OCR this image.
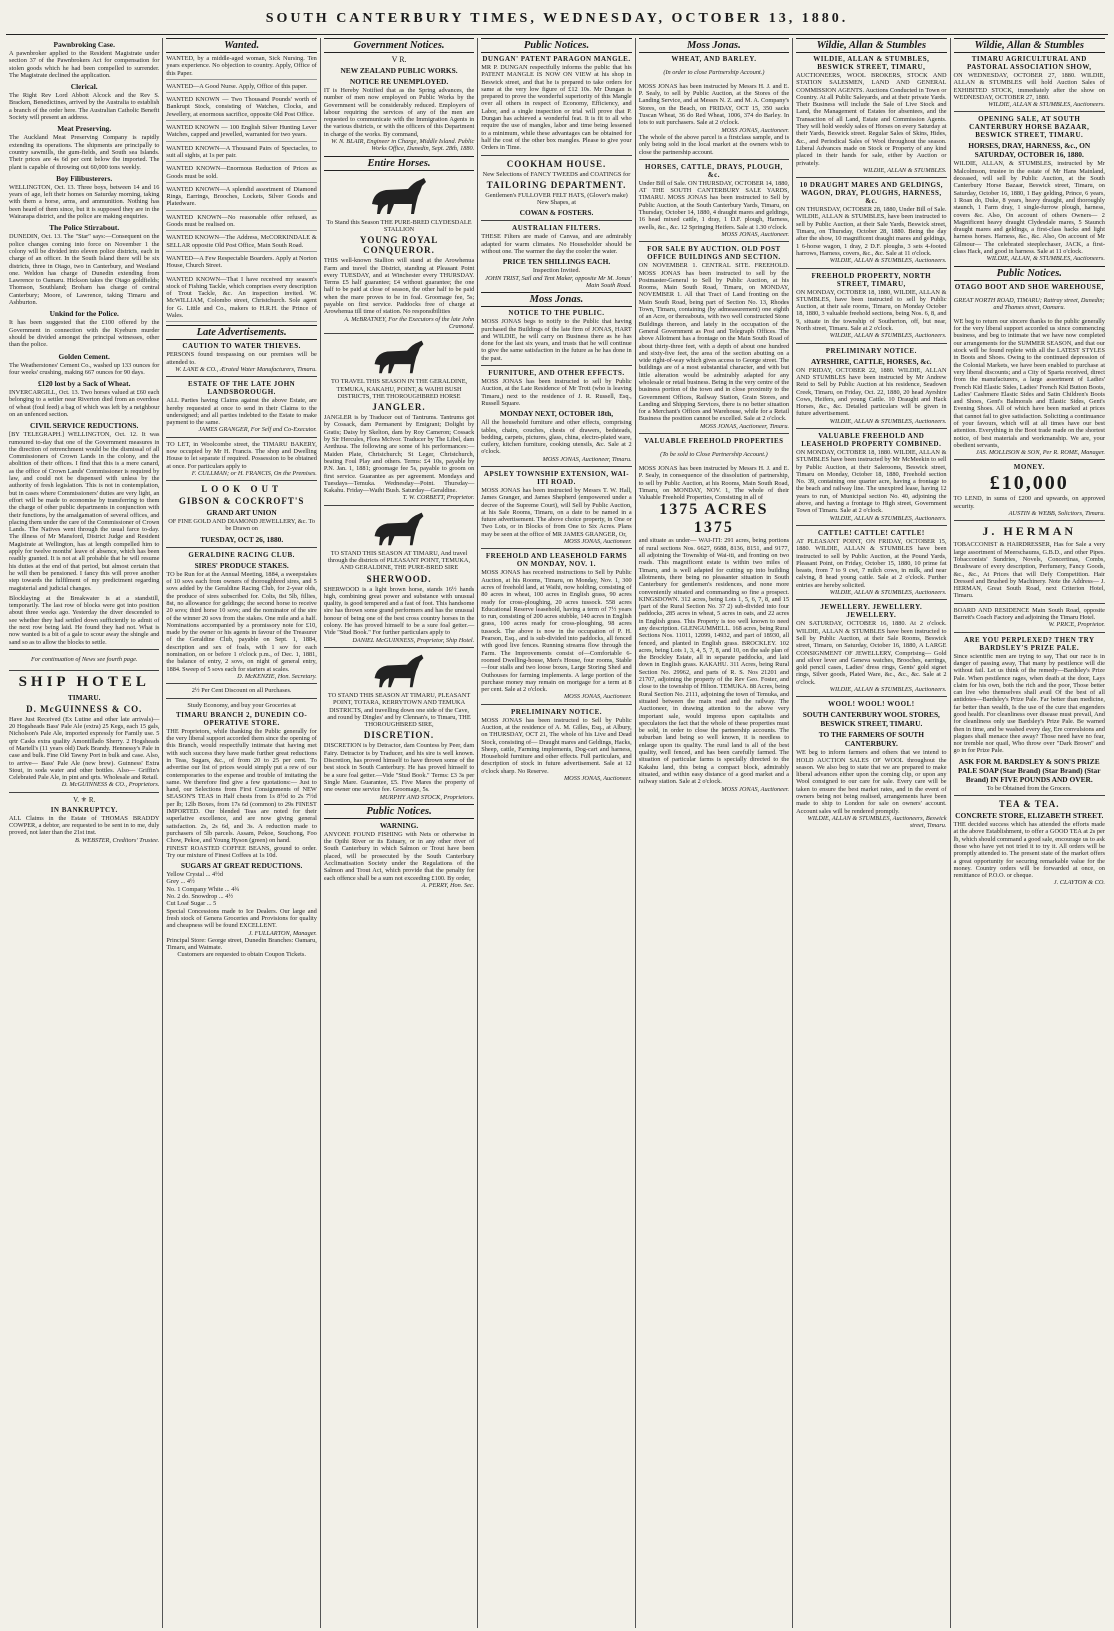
SOUTH CANTERBURY TIMES, WEDNESDAY, OCTOBER 13, 1880.
Pawnbroking Case.

A pawnbroker applied to the Resident Magistrate under section 37 of the Pawnbrokers Act for compensation for stolen goods which he had been compelled to surrender. The Magistrate declined the application.

Clerical.

The Right Rev Lord Abbott Alcock and the Rev S. Bracken, Benedictines, arrived by the Australia to establish a branch of the order here. The Australian Catholic Benefit Society will present an address.

Meat Preserving.

The Auckland Meat Preserving Company is rapidly extending its operations. The shipments are principally to country sawmills, the gum-fields, and South sea Islands. Their prices are 4s 6d per cent below the imported. The plant is capable of throwing out 60,000 tons weekly.

Boy Filibusterers.

WELLINGTON, Oct. 13. Three boys, between 14 and 16 years of age, left their homes on Saturday morning, taking with them a horse, arms, and ammunition. Nothing has been heard of them since, but it is supposed they are in the Wairarapa district, and the police are making enquiries.

The Police Stirrabout.

DUNEDIN, Oct. 13. The "Star" says:—Consequent on the police changes coming into force on November 1 the colony will be divided into eleven police districts, each in charge of an officer. In the South Island there will be six districts, three in Otago, two in Canterbury, and Westland one. Weldon has charge of Dunedin extending from Lawrence to Oamaru. Hickson takes the Otago goldfields; Thomson, Southland; Broham has charge of central Canterbury; Moore, of Lawrence, taking Timaru and Ashburton.

Unkind for the Police.

It has been suggested that the £100 offered by the Government in connection with the Kyeburn murder should be divided amongst the principal witnesses, other than the police.

Golden Cement.

The Weatherstones' Cement Co., washed up 133 ounces for four weeks' crushing, making 667 ounces for 90 days.

£120 lost by a Sack of Wheat.

INVERCARGILL, Oct. 13. Two horses valued at £60 each belonging to a settler near Riverton died from an overdose of wheat (foul feed) a bag of which was left by a neighbour on an unfenced section.

CIVIL SERVICE REDUCTIONS.

[BY TELEGRAPH.] WELLINGTON, Oct. 12. It was rumoured to-day that one of the Government measures in the direction of retrenchment would be the dismissal of all Commissioners of Crown Lands in the colony, and the abolition of their offices. I find that this is a mere canard, as the office of Crown Lands' Commissioner is required by law, and could not be dispensed with unless by the authority of fresh legislation. This is not in contemplation, but in cases where Commissioners' duties are very light, an effort will be made to economise by transferring to them the charge of other public departments in conjunction with their functions, by the amalgamation of several offices, and placing them under the care of the Commissioner of Crown Lands. The Natives went through the usual farce to-day. The illness of Mr Mansford, District Judge and Resident Magistrate at Wellington, has at length compelled him to apply for twelve months' leave of absence, which has been readily granted. It is not at all probable that he will resume his duties at the end of that period, but almost certain that he will then be pensioned. I fancy this will prove another step towards the fulfilment of my predictment regarding magisterial and judicial changes.

Blocklaying at the Breakwater is at a standstill, temporarily. The last row of blocks were got into position about three weeks ago. Yesterday the diver descended to see whether they had settled down sufficiently to admit of the next row being laid. He found they had not. What is now wanted is a bit of a gale to scour away the shingle and sand so as to allow the blocks to settle.

For continuation of News see fourth page.

SHIP HOTEL
TIMARU.
D. McGUINNESS & CO.

Have Just Received (Ex Lutine and other late arrivals)— 20 Hogsheads Bass' Pale Ale (extra) 25 Kegs, each 15 gals, Nicholson's Pale Ale, imported expressly for Family use. 5 qrtr Casks extra quality Amontillado Sherry. 2 Hogsheads of Martell's (11 years old) Dark Brandy. Hennessy's Pale in case and bulk. Fine Old Tawny Port in bulk and case. Also, to arrive— Bass' Pale Ale (new brew). Guinness' Extra Stout, in soda water and other bottles. Also— Griffin's Celebrated Pale Ale, in pint and qrts. Wholesale and Retail.

D. McGUINNESS & CO., Proprietors.
V. ⚜ R.
IN BANKRUPTCY.

ALL Claims in the Estate of THOMAS BRADDY COWPER, a debtor, are requested to be sent in to me, duly proved, not later than the 21st inst.

B. WEBSTER, Creditors' Trustee.
Wanted.

WANTED, by a middle-aged woman, Sick Nursing. Ten years experience. No objection to country. Apply, Office of this Paper.

WANTED—A Good Nurse. Apply, Office of this paper.

WANTED KNOWN — Two Thousand Pounds' worth of Bankrupt Stock, consisting of Watches, Clocks, and Jewellery, at enormous sacrifice, opposite Old Post Office.

WANTED KNOWN — 100 English Silver Hunting Lever Watches, capped and jewelled, warranted for two years.

WANTED KNOWN—A Thousand Pairs of Spectacles, to suit all sights, at 1s per pair.

WANTED KNOWN—Enormous Reduction of Prices as Goods must be sold.

WANTED KNOWN—A splendid assortment of Diamond Rings, Earrings, Brooches, Lockets, Silver Goods and Platedware.

WANTED KNOWN—No reasonable offer refused, as Goods must be realised on.

WANTED KNOWN—The Address, McCORKINDALE & SELLAR opposite Old Post Office, Main South Road.

WANTED—A Few Respectable Boarders. Apply at Norton House, Church Street.

WANTED KNOWN—That I have received my season's stock of Fishing Tackle, which comprises every description of Trout Tackle, &c. An inspection invited. W. McWILLIAM, Colombo street, Christchurch. Sole agent for G. Little and Co., makers to H.R.H. the Prince of Wales.

Late Advertisements.
CAUTION TO WATER THIEVES.

PERSONS found trespassing on our premises will be attended to.

W. LANE & CO., Ærated Water Manufacturers, Timaru.
ESTATE OF THE LATE JOHN LANDSBOROUGH.

ALL Parties having Claims against the above Estate, are hereby requested at once to send in their Claims to the undersigned; and all parties indebted to the Estate to make payment to the same.

JAMES GRANGER, For Self and Co-Executor.

TO LET, in Woolcombe street, the TIMARU BAKERY, now occupied by Mr H. Francis. The shop and Dwelling House to let separate if required. Possession to be obtained at once. For particulars apply to

F. CULLMAN; or H. FRANCIS, On the Premises.
LOOK OUT
GIBSON & COCKROFT'S
GRAND ART UNION

OF FINE GOLD AND DIAMOND JEWELLERY, &c. To be Drawn on

TUESDAY, OCT 26, 1880.
GERALDINE RACING CLUB.
SIRES' PRODUCE STAKES.

TO be Run for at the Annual Meeting, 1884, a sweepstakes of 10 sovs each from owners of thoroughbred sires, and 5 sovs added by the Geraldine Racing Club, for 2-year olds, the produce of sires subscribed for. Colts, 8st 5lb, fillies, 8st, no allowance for geldings; the second horse to receive 20 sovs; third horse 10 sovs; and the nominator of the sire of the winner 20 sovs from the stakes. One mile and a half. Nominations accompanied by a promissory note for £10, made by the owner or his agents in favour of the Treasurer of the Geraldine Club, payable on Sept. 1, 1884, description and sex of foals, with 1 sov for each nomination, on or before 1 o'clock p.m., of Dec. 1, 1881, the balance of entry, 2 sovs, on night of general entry, 1884. Sweep of 5 sovs each for starters at scales.

D. McKENZIE, Hon. Secretary.

2½ Per Cent Discount on all Purchases.

Study Economy, and buy your Groceries at

TIMARU BRANCH 2, DUNEDIN CO-OPERATIVE STORE.

THE Proprietors, while thanking the Public generally for the very liberal support accorded them since the opening of this Branch, would respectfully intimate that having met with such success they have made further great reductions in Teas, Sugars, &c., of from 20 to 25 per cent. To advertise our list of prices would simply put a rew of our contemporaries to the expense and trouble of imitating the same. We therefore find give a few quotations:— Just to hand, our Selections from First Consignments of NEW SEASON'S TEAS in Half chests from 1s 8½d to 2s 7½d per lb; 12lb Boxes, from 17s 6d (common) to 29s FINEST IMPORTED. Our blended Teas are noted for their superlative excellence, and are now giving general satisfaction. 2s, 2s 6d, and 3s. A reduction made to purchasers of 5lb parcels. Assam, Pekoe, Souchong, Foo Chow, Pekoe, and Young Hyson (green) on hand.

FINEST ROASTED COFFEE BEANS, ground to order. Try our mixture of Finest Coffees at 1s 10d.

SUGARS AT GREAT REDUCTIONS.

Yellow Crystal ... 4½d

Grey ... 4½

No. 1 Company White ... 4¾

No. 2 do. Snowdrop ... 4½

Cut Loaf Sugar ... 5

Special Concessions made to Ice Dealers. Our large and fresh stock of Genera Groceries and Provisions for quality and cheapness will be found EXCELLENT.

J. FULLARTON, Manager.

Principal Store: George street, Dunedin Branches: Oamaru, Timaru, and Waimate.

Customers are requested to obtain Coupon Tickets.

Government Notices.
V R.
NEW ZEALAND PUBLIC WORKS.
NOTICE RE UNEMPLOYED.

IT is Hereby Notified that as the Spring advances, the number of men now employed on Public Works by the Government will be considerably reduced. Employers of labour requiring the services of any of the men are requested to communicate with the Immigration Agents in the various districts, or with the officers of this Department in charge of the works. By command,

W. N. BLAIR, Engineer in Charge, Middle Island. Public Works Office, Dunedin, Sept. 28th, 1880.
Entire Horses.

To Stand this Season THE PURE-BRED CLYDESDALE STALLION

YOUNG ROYAL CONQUEROR.

THIS well-known Stallion will stand at the Arowhenua Farm and travel the District, standing at Pleasant Point every TUESDAY, and at Winchester every THURSDAY. Terms £5 half guarantee; £4 without guarantee; the one half to be paid at close of season, the other half to be paid when the mare proves to be in foal. Groomage fee, 5s; payable on first service. Paddocks free of charge at Arowhenua till time of station. No responsibilities

A. McBRATNEY, For the Executors of the late John Cramond.

TO TRAVEL THIS SEASON IN THE GERALDINE, TEMUKA, KAKAHU, POINT, & WAIHI BUSH DISTRICTS, THE THOROUGHBRED HORSE

JANGLER.

JANGLER is by Traducer out of Tantrums. Tantrums got by Cossack, dam Permanent by Emigrant; Dolight by Gratis; Daisy by Skelton, dam by Roy Cameron; Cossack by Sir Hercules, Flora McIvor. Traducer by The Libel, dam Arethusa. The following are some of his performances:—Maiden Plate, Christchurch; St Leger, Christchurch, beating Foul Play and others. Terms: £4 10s, payable by P.N. Jan. 1, 1881; groomage fee 5s, payable to groom on first service. Guarantee as per agreement. Mondays and Tuesdays—Temuka. Wednesday—Point. Thursday—Kakahu. Friday—Waihi Bush. Saturday—Geraldine.

T. W. CORBETT, Proprietor.

TO STAND THIS SEASON AT TIMARU, And travel through the districts of PLEASANT POINT, TEMUKA, AND GERALDINE, THE PURE-BRED SIRE

SHERWOOD.

SHERWOOD is a light brown horse, stands 16½ hands high, combining great power and substance with unusual quality, is good tempered and a fast of foot. This handsome sire has thrown some grand performers and has the unusual honour of being one of the best cross country horses in the colony. He has proved himself to be a sure foal getter.—Vide "Stud Book." For further particulars apply to

DANIEL McGUINNESS, Proprietor, Ship Hotel.

TO STAND THIS SEASON AT TIMARU, PLEASANT POINT, TOTARA, KERRYTOWN AND TEMUKA DISTRICTS, and travelling down one side of the Cave, and round by Dingles' and by Clennan's, to Timaru, THE THOROUGHBRED SIRE,

DISCRETION.

DISCRETION is by Detractor, dam Countess by Peer, dam Fairy. Detractor is by Traducer, and his sire is well known. Discretion, has proved himself to have thrown some of the best stock in South Canterbury. He has proved himself to be a sure foal getter.—Vide "Stud Book." Terms: £3 3s per Single Mare. Guarantee, £5. Five Mares the property of one owner one service fee. Groomage, 5s.

MURPHY AND STOCK, Proprietors.
Public Notices.
WARNING.

ANYONE FOUND FISHING with Nets or otherwise in the Opihi River or its Estuary, or in any other river of South Canterbury in which Salmon or Trout have been placed, will be prosecuted by the South Canterbury Acclimatisation Society under the Regulations of the Salmon and Trout Act, which provide that the penalty for each offence shall be a sum not exceeding £100. By order,

A. PERRY, Hon. Sec.
Public Notices.
DUNGAN' PATENT PARAGON MANGLE.

MR P. DUNGAN respectfully informs the public that his PATENT MANGLE IS NOW ON VIEW at his shop in Beswick street, and that he is prepared to take orders for same at the very low figure of £12 10s. Mr Dungan is prepared to prove the wonderful superiority of this Mangle over all others in respect of Economy, Efficiency, and Labor, and a single inspection or trial will prove that P. Dungan has achieved a wonderful feat. It is fit to all who require the use of mangles, labor and time being lessened to a minimum, while these advantages can be obtained for half the cost of the other box mangles. Please to give your Orders in Time.

COOKHAM HOUSE.

New Selections of FANCY TWEEDS and COATINGS for

TAILORING DEPARTMENT.

Gentlemen's FULLOVER FELT HATS, (Glover's make) New Shapes, at

COWAN & FOSTERS.
AUSTRALIAN FILTERS.

THESE Filters are made of Canvas, and are admirably adapted for warm climates. No Householder should be without one. The warmer the day the cooler the water.

PRICE TEN SHILLINGS EACH.

Inspection Invited.

JOHN TRIST, Sail and Tent Maker, opposite Mr M. Jonas' Main South Road.
Moss Jonas.
NOTICE TO THE PUBLIC.

MOSS JONAS begs to notify to the Public that having purchased the Buildings of the late firm of JONAS, HART and WILDIE, he will carry on Business there as he has done for the last six years, and trusts that he will continue to give the same satisfaction in the future as he has done in the past.

FURNITURE, AND OTHER EFFECTS.

MOSS JONAS has been instructed to sell by Public Auction, at the Late Residence of Mr Trott (who is leaving Timaru,) next to the residence of J. R. Russell, Esq., Russell Square.

MONDAY NEXT, OCTOBER 18th,

All the household furniture and other effects, comprising tables, chairs, couches, chests of drawers, bedsteads, bedding, carpets, pictures, glass, china, electro-plated ware, cutlery, kitchen furniture, cooking utensils, &c. Sale at 2 o'clock.

MOSS JONAS, Auctioneer, Timaru.
APSLEY TOWNSHIP EXTENSION, WAI-ITI ROAD.

MOSS JONAS has been instructed by Messrs T. W. Hall, James Granger, and James Shepherd (empowered under a decree of the Supreme Court), will Sell by Public Auction, at his Sale Rooms, Timaru, on a date to be named in a future advertisement. The above choice property, in One or Two Lots, or in Blocks of from One to Six Acres. Plans may be seen at the office of MR JAMES GRANGER, Or,

MOSS JONAS, Auctioneer.
FREEHOLD AND LEASEHOLD FARMS ON MONDAY, NOV. 1.

MOSS JONAS has received instructions to Sell by Public Auction, at his Rooms, Timaru, on Monday, Nov. 1, 300 acres of freehold land, at Waihi, now holding, consisting of 80 acres in wheat, 100 acres in English grass, 90 acres ready for cross-ploughing, 20 acres tussock. 558 acres Educational Reserve leasehold, having a term of 7½ years to run, consisting of 200 acres stubble, 140 acres in English grass, 100 acres ready for cross-ploughing, 98 acres tussock. The above is now in the occupation of P. H. Pearson, Esq., and is sub-divided into paddocks, all fenced with good live fences. Running streams flow through the Farm. The Improvements consist of—Comfortable 6-roomed Dwelling-house, Men's House, four rooms, Stable—four stalls and two loose boxes, Large Storing Shed and Outhouses for farming implements. A large portion of the purchase money may remain on mortgage for a term at 8 per cent. Sale at 2 o'clock.

MOSS JONAS, Auctioneer.
PRELIMINARY NOTICE.

MOSS JONAS has been instructed to Sell by Public Auction, at the residence of A. M. Gilles, Esq., at Albury, on THURSDAY, OCT 21, The whole of his Live and Dead Stock, consisting of— Draught mares and Geldings, Hacks, Sheep, cattle, Farming implements, Dog-cart and harness, Household furniture and other effects. Full particulars, and description of stock in future advertisement. Sale at 12 o'clock sharp. No Reserve.

MOSS JONAS, Auctioneer.
Moss Jonas.
WHEAT, AND BARLEY.

(In order to close Partnership Account.)

MOSS JONAS has been instructed by Messrs H. J. and E. P. Sealy, to sell by Public Auction, at the Stores of the Landing Service, and at Messrs N. Z. and M. A. Company's Stores, on the Beach, on FRIDAY, OCT 15, 350 sacks Tuscan Wheat, 36 do Red Wheat, 1006, 374 do Barley. In lots to suit purchasers. Sale at 2 o'clock.

MOSS JONAS, Auctioneer.

The whole of the above parcel is a firstclass sample, and is only being sold in the local market at the owners wish to close the partnership account.

HORSES, CATTLE, DRAYS, PLOUGH, &c.

Under Bill of Sale. ON THURSDAY, OCTOBER 14, 1880, AT THE SOUTH CANTERBURY SALE YARDS, TIMARU. MOSS JONAS has been instructed to Sell by Public Auction, at the South Canterbury Yards, Timaru, on Thursday, October 14, 1880, 4 draught mares and geldings, 16 head mixed cattle, 1 dray, 1 D.F. plough, Harness, swells, &c., &c. 12 Springing Heifers. Sale at 1.30 o'clock.

MOSS JONAS, Auctioneer.
FOR SALE BY AUCTION. OLD POST OFFICE BUILDINGS AND SECTION.

ON NOVEMBER 1. CENTRAL SITE. FREEHOLD. MOSS JONAS has been instructed to sell by the Postmaster-General to Sell by Public Auction, at his Rooms, Main South Road, Timaru, on MONDAY, NOVEMBER 1. All that Tract of Land fronting on the Main South Road, being part of Section No. 13, Rhodes Town, Timaru, containing (by admeasurement) one eighth of an Acre, or thereabouts, with two well constructed Stone Buildings thereon, and lately in the occupation of the General Government as Post and Telegraph Offices. The above Allotment has a frontage on the Main South Road of about thirty-three feet, with a depth of about one hundred and sixty-five feet, the area of the section abutting on a wide right-of-way which gives access to George street. The buildings are of a most substantial character, and with but little alteration would be admirably adapted for any wholesale or retail business. Being in the very centre of the business portion of the town and in close proximity to the Government Offices, Railway Station, Grain Stores, and Landing and Shipping Services, there is no better situation for a Merchant's Offices and Warehouse, while for a Retail Business the position cannot be excelled. Sale at 2 o'clock.

MOSS JONAS, Auctioneer, Timaru.
VALUABLE FREEHOLD PROPERTIES

(To be sold to Close Partnership Account.)

MOSS JONAS has been instructed by Messrs H. J. and E. P. Sealy, in consequence of the dissolution of partnership, to sell by Public Auction, at his Rooms, Main South Road, Timaru, on MONDAY, NOV. 1, The whole of their Valuable Freehold Properties, Consisting in all of

1375 ACRES 1375

and situate as under— WAI-ITI: 291 acres, being portions of rural sections Nos. 6627, 6688, 8136, 8151, and 9177, all adjoining the Township of Wai-iti, and fronting on two roads. This magnificent estate is within two miles of Timaru, and is well adapted for cutting up into building allotments, there being no pleasanter situation in South Canterbury for gentlemen's residences, and none more conveniently situated and commanding so fine a prospect. KINGSDOWN. 312 acres, being Lots 1, 5, 6, 7, 8, and 15 (part of the Rural Section No. 37 2) sub-divided into four paddocks, 285 acres in wheat, 5 acres in oats, and 22 acres in English grass. This Property is too well known to need any description. GLENGUMMELL. 168 acres, being Rural Sections Nos. 11011, 12099, 14932, and part of 18930, all fenced, and planted in English grass. BROCKLEY. 102 acres, being Lots 1, 3, 4, 5, 7, 8, and 10, on the sale plan of the Brockley Estate, all in separate paddocks, and laid down in English grass. KAKAHU. 311 Acres, being Rural Section No. 29962, and parts of R. S. Nos 21201 and 21707, adjoining the property of the Rev Geo. Foster, and close to the township of Hilton. TEMUKA. 88 Acres, being Rural Section No. 2111, adjoining the town of Temuka, and situated between the main road and the railway. The Auctioneer, in drawing attention to the above very important sale, would impress upon capitalists and speculators the fact that the whole of these properties must be sold, in order to close the partnership accounts. The suburban land being so well known, it is needless to enlarge upon its quality. The rural land is all of the best quality, well fenced, and has been carefully farmed. The situation of particular farms is specially directed to the Kakahu land, this being a compact block, admirably situated, and within easy distance of a good market and a railway station. Sale at 2 o'clock.

MOSS JONAS, Auctioneer.
Wildie, Allan & Stumbles
WILDIE, ALLAN & STUMBLES, BESWICK STREET, TIMARU,

AUCTIONEERS, WOOL BROKERS, STOCK AND STATION SALESMEN, LAND AND GENERAL COMMISSION AGENTS. Auctions Conducted in Town or Country. At all Public Saleyards, and at their private Yards. Their Business will include the Sale of Live Stock and Land, the Management of Estates for absentees, and the Transaction of all Land, Estate and Commission Agents. They will hold weekly sales of Horses on every Saturday at their Yards, Beswick street. Regular Sales of Skins, Hides, &c., and Periodical Sales of Wool throughout the season. Liberal Advances made on Stock or Property of any kind placed in their hands for sale, either by Auction or privately.

WILDIE, ALLAN & STUMBLES.
10 DRAUGHT MARES AND GELDINGS, WAGON, DRAY, PLOUGHS, HARNESS, &c.

ON THURSDAY, OCTOBER 28, 1880, Under Bill of Sale. WILDIE, ALLAN & STUMBLES, have been instructed to sell by Public Auction, at their Sale Yards, Beswick street, Timaru, on Thursday, October 28, 1880. Being the day after the show, 10 magnificent draught mares and geldings, 1 6-horse wagon, 1 dray, 2 D.F. ploughs, 3 sets 4-footed harrows, Harness, covers, &c., &c. Sale at 11 o'clock.

WILDIE, ALLAN & STUMBLES, Auctioneers.
FREEHOLD PROPERTY, NORTH STREET, TIMARU,

ON MONDAY, OCTOBER 18, 1880, WILDIE, ALLAN & STUMBLES, have been instructed to sell by Public Auction, at their sale rooms, Timaru, on Monday October 18, 1880, 3 valuable freehold sections, being Nos. 6, 8, and 9, situate in the township of Southerton, off, but near, North street, Timaru. Sale at 2 o'clock.

WILDIE, ALLAN & STUMBLES, Auctioneers.
PRELIMINARY NOTICE.
AYRSHIRE, CATTLE, HORSES, &c.

ON FRIDAY, OCTOBER 22, 1880. WILDIE, ALLAN AND STUMBLES have been instructed by Mr Andrew Reid to Sell by Public Auction at his residence, Seadown Creek, Timaru, on Friday, Oct. 22, 1880, 20 head Ayrshire Cows, Heifers, and young Cattle. 10 Draught and Hack Horses, &c., &c. Detailed particulars will be given in future advertisement.

WILDIE, ALLAN & STUMBLES, Auctioneers.
VALUABLE FREEHOLD AND LEASEHOLD PROPERTY COMBINED.

ON MONDAY, OCTOBER 18, 1880. WILDIE, ALLAN & STUMBLES have been instructed by Mr McMeekin to sell by Public Auction, at their Salerooms, Beswick street, Timaru on Monday, October 18, 1880, Freehold section No. 39, containing one quarter acre, having a frontage to the beach and railway line. The unexpired lease, having 12 years to run, of Municipal section No. 40, adjoining the above, and having a frontage to High street, Government Town of Timaru. Sale at 2 o'clock.

WILDIE, ALLAN & STUMBLES, Auctioneers.
CATTLE! CATTLE! CATTLE!

AT PLEASANT POINT, ON FRIDAY, OCTOBER 15, 1880. WILDIE, ALLAN & STUMBLES have been instructed to sell by Public Auction, at the Pound Yards, Pleasant Point, on Friday, October 15, 1880, 10 prime fat beasts, from 7 to 9 cwt, 7 milch cows, in milk, and near calving, 8 head young cattle. Sale at 2 o'clock. Further entries are hereby solicited.

WILDIE, ALLAN & STUMBLES, Auctioneers.
JEWELLERY. JEWELLERY. JEWELLERY.

ON SATURDAY, OCTOBER 16, 1880. At 2 o'clock. WILDIE, ALLAN & STUMBLES have been instructed to Sell by Public Auction, at their Sale Rooms, Beswick street, Timaru, on Saturday, October 16, 1880, A LARGE CONSIGNMENT OF JEWELLERY, Comprising— Gold and silver lever and Geneva watches, Brooches, earrings, gold pencil cases, Ladies' dress rings, Gents' gold signet rings, Silver goods, Plated Ware, &c., &c., &c. Sale at 2 o'clock.

WILDIE, ALLAN & STUMBLES, Auctioneers.
WOOL! WOOL! WOOL!
SOUTH CANTERBURY WOOL STORES, BESWICK STREET, TIMARU.
TO THE FARMERS OF SOUTH CANTERBURY.

WE beg to inform farmers and others that we intend to HOLD AUCTION SALES OF WOOL throughout the season. We also beg to state that we are prepared to make liberal advances either upon the coming clip, or upon any Wool consigned to our care for sale. Every care will be taken to ensure the best market rates, and in the event of owners being not being realised, arrangements have been made to ship to London for sale on owners' account. Account sales will be rendered promptly.

WILDIE, ALLAN & STUMBLES, Auctioneers, Beswick street, Timaru.
Wildie, Allan & Stumbles
TIMARU AGRICULTURAL AND PASTORAL ASSOCIATION SHOW,

ON WEDNESDAY, OCTOBER 27, 1880. WILDIE, ALLAN & STUMBLES will hold Auction Sales of EXHIBITED STOCK, immediately after the show on WEDNESDAY, OCTOBER 27, 1880.

WILDIE, ALLAN & STUMBLES, Auctioneers.
OPENING SALE, AT SOUTH CANTERBURY HORSE BAZAAR, BESWICK STREET, TIMARU.
HORSES, DRAY, HARNESS, &c., ON SATURDAY, OCTOBER 16, 1880.

WILDIE, ALLAN, & STUMBLES, instructed by Mr Malcolmson, trustee in the estate of Mr Hans Mainland, deceased, will sell by Public Auction, at the South Canterbury Horse Bazaar, Beswick street, Timaru, on Saturday, October 16, 1880, 1 Bay gelding, Prince, 6 years, 1 Roan do, Duke, 8 years, heavy draught, and thoroughly staunch, 1 Farm dray, 1 single-furrow plough, harness, covers &c. Also, On account of others Owners— 2 Magnificent heavy draught Clydesdale mares, 5 Staunch draught mares and geldings, a first-class hacks and light harness horses. Harness, &c., &c. Also, On account of Mr Gilmour— The celebrated steeplechaser, JACK, a first-class Hack, and good in harness. Sale at 11 o'clock.

WILDIE, ALLAN, & STUMBLES, Auctioneers.
Public Notices.
OTAGO BOOT AND SHOE WAREHOUSE,

GREAT NORTH ROAD, TIMARU; Rattray street, Dunedin; and Thames street, Oamaru.

WE beg to return our sincere thanks to the public generally for the very liberal support accorded us since commencing business, and beg to intimate that we have now completed our arrangements for the SUMMER SEASON, and that our stock will be found replete with all the LATEST STYLES in Boots and Shoes. Owing to the continued depression of the Colonial Markets, we have been enabled to purchase at very liberal discounts; and a City of Sparta received, direct from the manufacturers, a large assortment of Ladies' French Kid Elastic Sides, Ladies' French Kid Button Boots, Ladies' Cashmere Elastic Sides and Satin Children's Boots and Shoes, Gent's Balmorals and Elastic Sides, Gent's Evening Shoes. All of which have been marked at prices that cannot fail to give satisfaction. Soliciting a continuance of your favours, which will at all times have our best attention. Everything in the Boot trade made on the shortest notice, of best materials and workmanship. We are, your obedient servants,

JAS. MOLLISON & SON, Per R. ROME, Manager.
MONEY.
£10,000

TO LEND, in sums of £200 and upwards, on approved security.

AUSTIN & WEBB, Solicitors, Timaru.
J. HERMAN

TOBACCONIST & HAIRDRESSER, Has for Sale a very large assortment of Meerschaums, G.B.D., and other Pipes. Tobacconists' Sundries, Novels, Concertinas, Combs, Brushware of every description, Perfumery, Fancy Goods, &c., &c., At Prices that will Defy Competition. Hair Dressed and Brushed by Machinery. Note the Address— J. HERMAN, Great South Road, next Criterion Hotel, Timaru.

BOARD AND RESIDENCE Main South Road, opposite Barrett's Coach Factory and adjoining the Timaru Hotel.

W. PRICE, Proprietor.
ARE YOU PERPLEXED? THEN TRY BARDSLEY'S PRIZE PALE.

Since scientific men are trying to say, That our race is in danger of passing away, That many by pestilence will die without fail. Let us think of the remedy—Bardsley's Prize Pale. When pestilence rages, when death at the door, Lays claim for his own, both the rich and the poor, Those better can live who themselves shall avail Of the best of all antidotes—Bardsley's Prize Pale. Far better than medicine, far better than wealth, Is the use of the cure that engenders good health. For cleanliness over disease must prevail, And for cleanliness only use Bardsley's Prize Pale. Be warned then in time, and be washed every day, Ere convulsions and plagues shall menace thee away? Those need have no fear, nor tremble nor quail, Who throw over "Dark Brown" and go in for Prize Pale.

ASK FOR M. BARDSLEY & SON'S PRIZE PALE SOAP (Star Brand) (Star Brand) (Star Brand) IN FIVE POUNDS AND OVER.

To be Obtained from the Grocers.

TEA & TEA.
CONCRETE STORE, ELIZABETH STREET.

THE decided success which has attended the efforts made at the above Establishment, to offer a GOOD TEA at 2s per lb, which should command a good sale, encourage us to ask those who have yet not tried it to try it. All orders will be promptly attended to. The present state of the market offers a great opportunity for securing remarkable value for the money. Country orders will be forwarded at once, on remittance of P.O.O. or cheque.

J. CLAYTON & CO.
